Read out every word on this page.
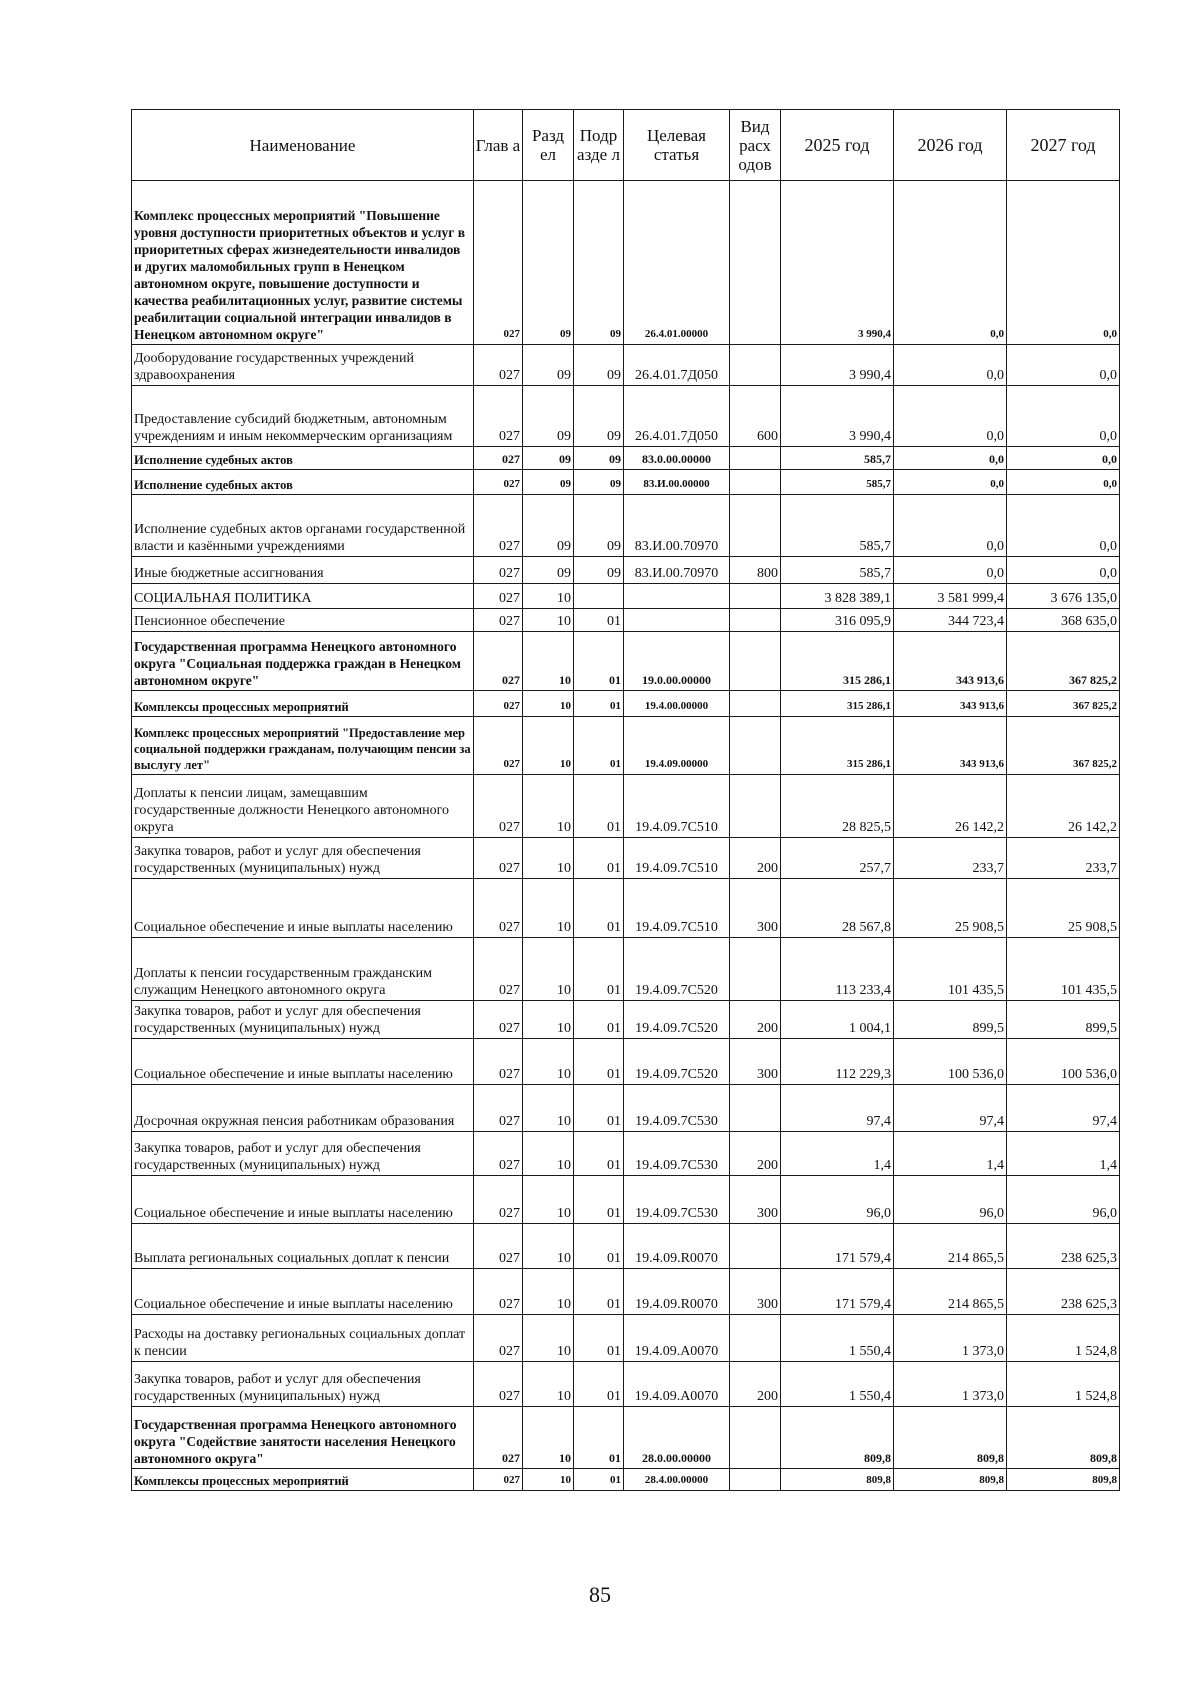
Наименование	Глав а	Разд ел	Подр азде л	Целевая статья	Вид расх одов	2025 год	2026 год	2027 год
Комплекс процессных мероприятий "Повышение уровня доступности приоритетных объектов и услуг в приоритетных сферах жизнедеятельности инвалидов и других маломобильных групп в Ненецком автономном округе, повышение доступности и качества реабилитационных услуг, развитие системы реабилитации социальной интеграции инвалидов в Ненецком автономном округе"	027	09	09	26.4.01.00000		3 990,4	0,0	0,0
Дооборудование государственных учреждений здравоохранения	027	09	09	26.4.01.7Д050		3 990,4	0,0	0,0
Предоставление субсидий бюджетным, автономным учреждениям и иным некоммерческим организациям	027	09	09	26.4.01.7Д050	600	3 990,4	0,0	0,0
Исполнение судебных актов	027	09	09	83.0.00.00000		585,7	0,0	0,0
Исполнение судебных актов	027	09	09	83.И.00.00000		585,7	0,0	0,0
Исполнение судебных актов органами государственной власти и казёнными учреждениями	027	09	09	83.И.00.70970		585,7	0,0	0,0
Иные бюджетные ассигнования	027	09	09	83.И.00.70970	800	585,7	0,0	0,0
СОЦИАЛЬНАЯ ПОЛИТИКА	027	10				3 828 389,1	3 581 999,4	3 676 135,0
Пенсионное обеспечение	027	10	01			316 095,9	344 723,4	368 635,0
Государственная программа Ненецкого автономного округа "Социальная поддержка граждан в Ненецком автономном округе"	027	10	01	19.0.00.00000		315 286,1	343 913,6	367 825,2
Комплексы процессных мероприятий	027	10	01	19.4.00.00000		315 286,1	343 913,6	367 825,2
Комплекс процессных мероприятий "Предоставление мер социальной поддержки гражданам, получающим пенсии за выслугу лет"	027	10	01	19.4.09.00000		315 286,1	343 913,6	367 825,2
Доплаты к пенсии лицам, замещавшим государственные должности Ненецкого автономного округа	027	10	01	19.4.09.7С510		28 825,5	26 142,2	26 142,2
Закупка товаров, работ и услуг для обеспечения государственных (муниципальных) нужд	027	10	01	19.4.09.7С510	200	257,7	233,7	233,7
Социальное обеспечение и иные выплаты населению	027	10	01	19.4.09.7С510	300	28 567,8	25 908,5	25 908,5
Доплаты к пенсии государственным гражданским служащим Ненецкого автономного округа	027	10	01	19.4.09.7С520		113 233,4	101 435,5	101 435,5
Закупка товаров, работ и услуг для обеспечения государственных (муниципальных) нужд	027	10	01	19.4.09.7С520	200	1 004,1	899,5	899,5
Социальное обеспечение и иные выплаты населению	027	10	01	19.4.09.7С520	300	112 229,3	100 536,0	100 536,0
Досрочная окружная пенсия работникам образования	027	10	01	19.4.09.7С530		97,4	97,4	97,4
Закупка товаров, работ и услуг для обеспечения государственных (муниципальных) нужд	027	10	01	19.4.09.7С530	200	1,4	1,4	1,4
Социальное обеспечение и иные выплаты населению	027	10	01	19.4.09.7С530	300	96,0	96,0	96,0
Выплата региональных социальных доплат к пенсии	027	10	01	19.4.09.R0070		171 579,4	214 865,5	238 625,3
Социальное обеспечение и иные выплаты населению	027	10	01	19.4.09.R0070	300	171 579,4	214 865,5	238 625,3
Расходы на доставку региональных социальных доплат к пенсии	027	10	01	19.4.09.А0070		1 550,4	1 373,0	1 524,8
Закупка товаров, работ и услуг для обеспечения государственных (муниципальных) нужд	027	10	01	19.4.09.А0070	200	1 550,4	1 373,0	1 524,8
Государственная программа Ненецкого автономного округа "Содействие занятости населения Ненецкого автономного округа"	027	10	01	28.0.00.00000		809,8	809,8	809,8
Комплексы процессных мероприятий	027	10	01	28.4.00.00000		809,8	809,8	809,8
85
